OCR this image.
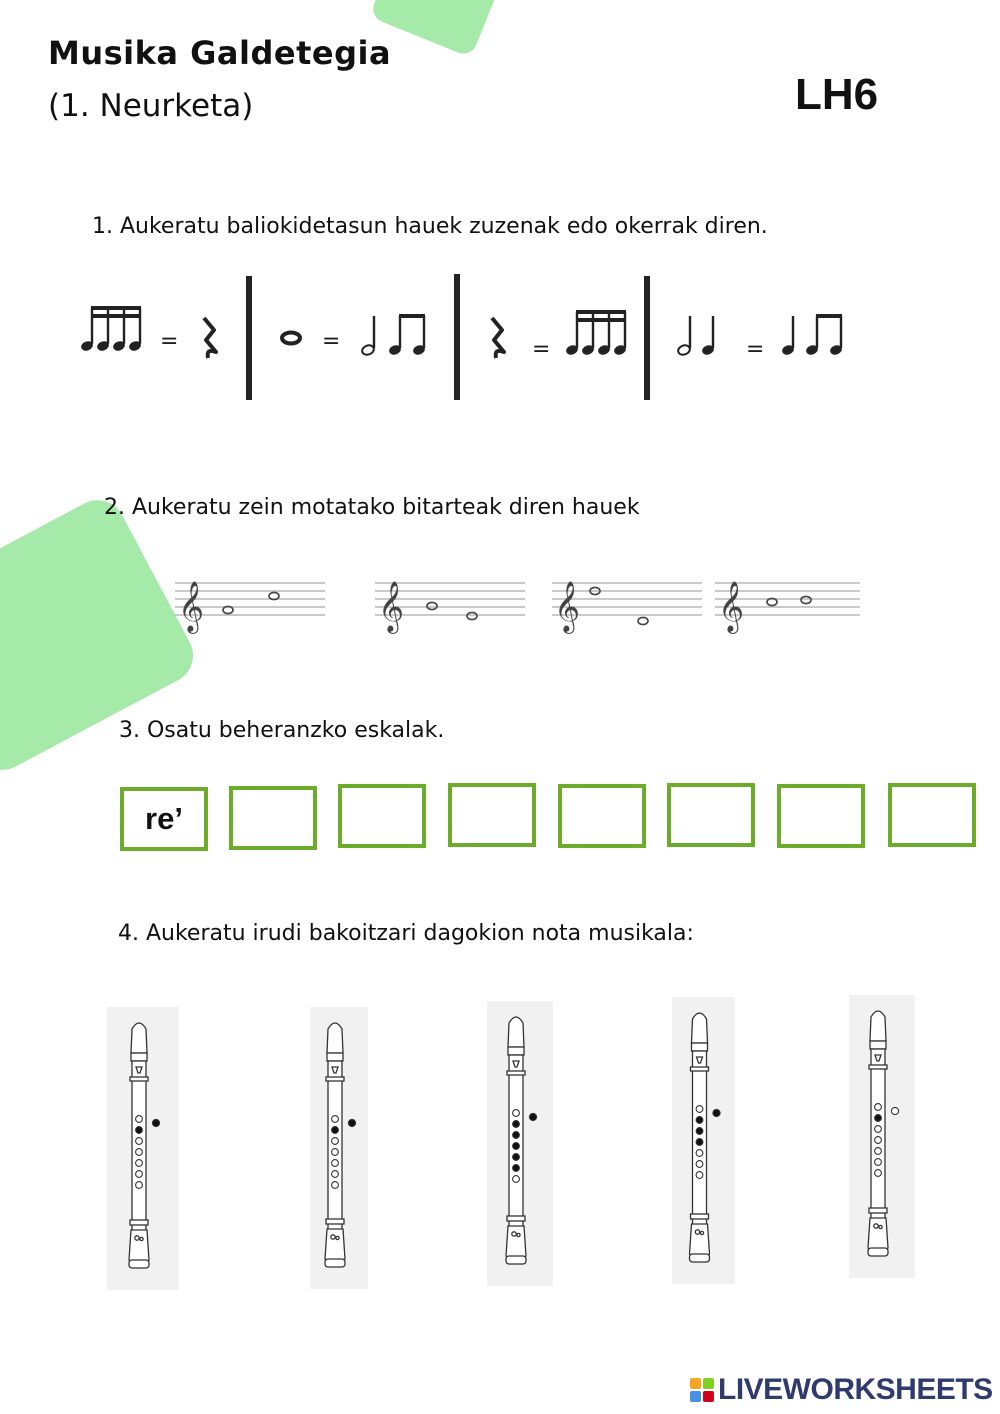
Musika Galdetegia
(1. Neurketa)	LH6
1. Aukeratu baliokidetasun hauek zuzenak edo okerrak diren.
=	=	=	=
2. Aukeratu zein motatako bitarteak diren hauek
𝄞	𝄞	𝄞	𝄞
3. Osatu beheranzko eskalak.
re’
4. Aukeratu irudi bakoitzari dagokion nota musikala:
LIVEWORKSHEETS
